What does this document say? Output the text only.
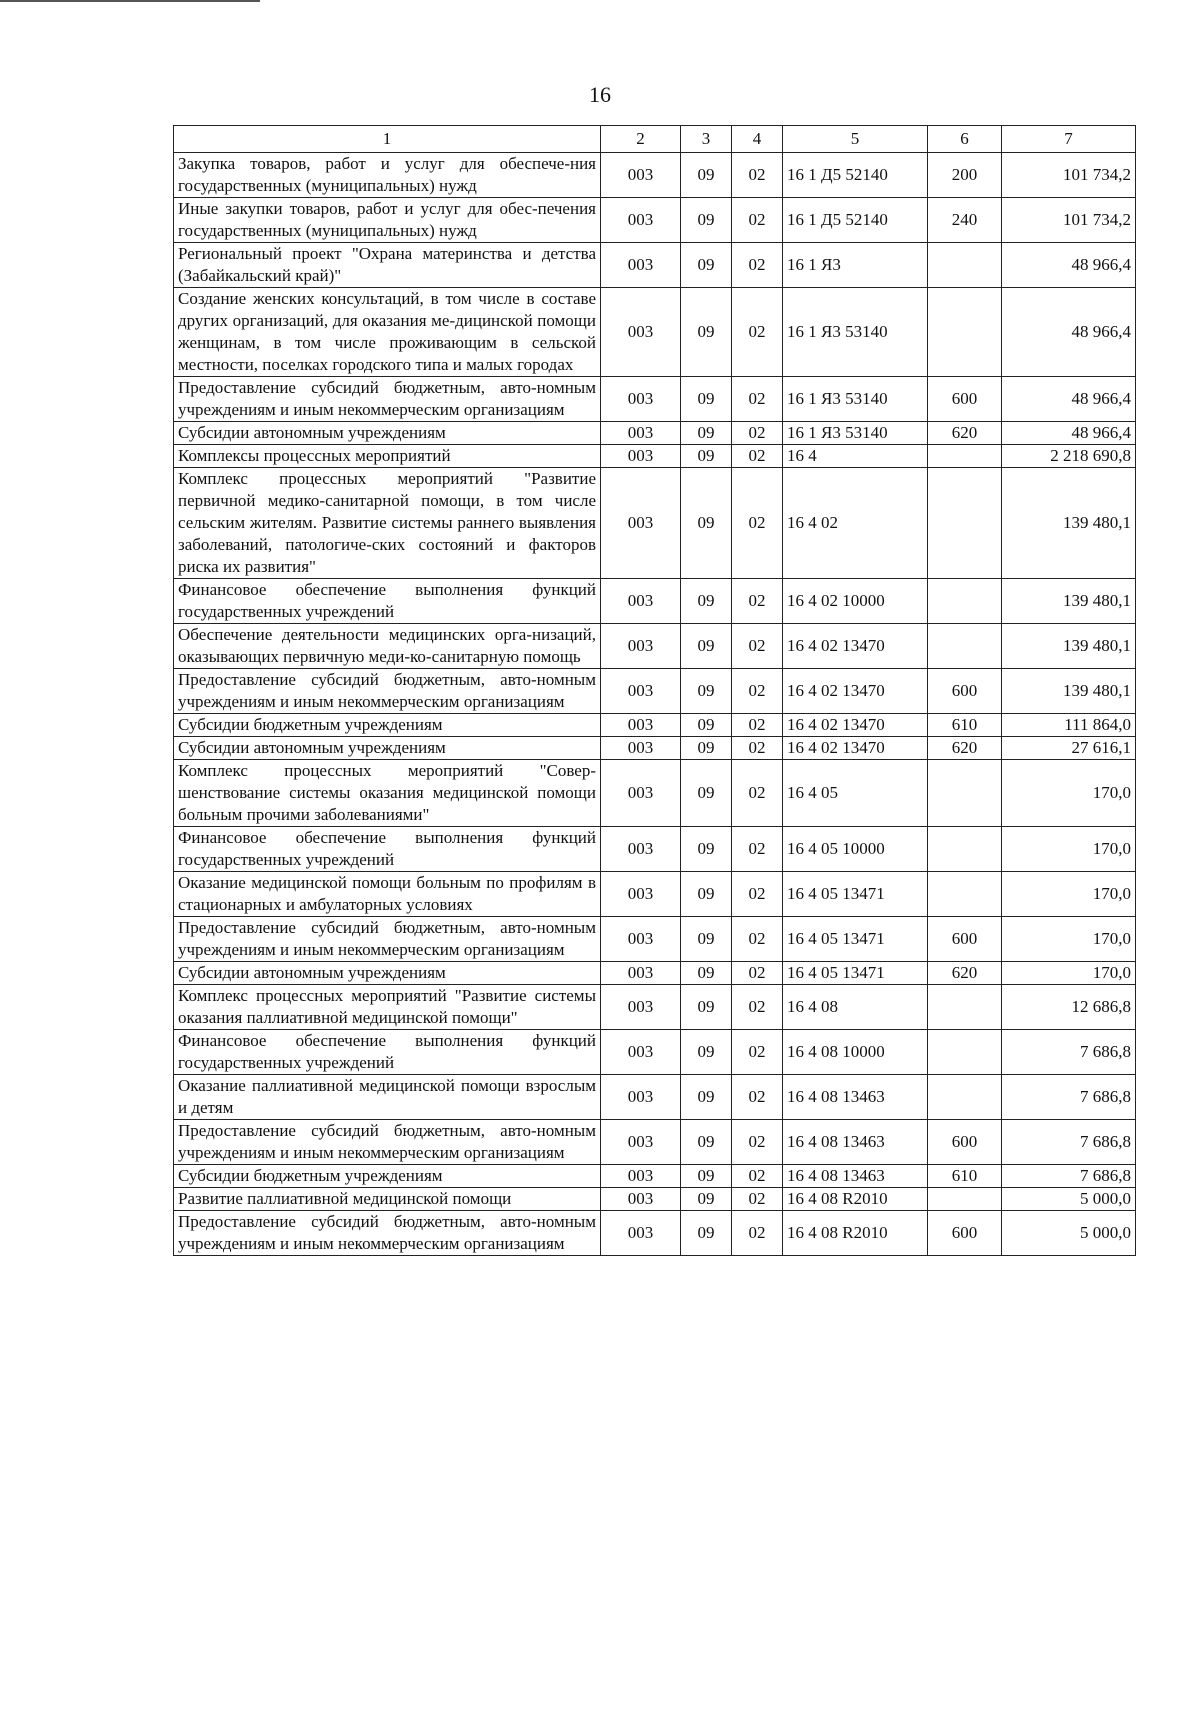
16
1	2	3	4	5	6	7
Закупка товаров, работ и услуг для обеспече-ния государственных (муниципальных) нужд	003	09	02	16 1 Д5 52140	200	101 734,2
Иные закупки товаров, работ и услуг для обес-печения государственных (муниципальных) нужд	003	09	02	16 1 Д5 52140	240	101 734,2
Региональный проект "Охрана материнства и детства (Забайкальский край)"	003	09	02	16 1 Я3		48 966,4
Создание женских консультаций, в том числе в составе других организаций, для оказания ме-дицинской помощи женщинам, в том числе проживающим в сельской местности, поселках городского типа и малых городах	003	09	02	16 1 Я3 53140		48 966,4
Предоставление субсидий бюджетным, авто-номным учреждениям и иным некоммерческим организациям	003	09	02	16 1 Я3 53140	600	48 966,4
Субсидии автономным учреждениям	003	09	02	16 1 Я3 53140	620	48 966,4
Комплексы процессных мероприятий	003	09	02	16 4		2 218 690,8
Комплекс процессных мероприятий "Развитие первичной медико-санитарной помощи, в том числе сельским жителям. Развитие системы раннего выявления заболеваний, патологиче-ских состояний и факторов риска их развития"	003	09	02	16 4 02		139 480,1
Финансовое обеспечение выполнения функций государственных учреждений	003	09	02	16 4 02 10000		139 480,1
Обеспечение деятельности медицинских орга-низаций, оказывающих первичную меди-ко-санитарную помощь	003	09	02	16 4 02 13470		139 480,1
Предоставление субсидий бюджетным, авто-номным учреждениям и иным некоммерческим организациям	003	09	02	16 4 02 13470	600	139 480,1
Субсидии бюджетным учреждениям	003	09	02	16 4 02 13470	610	111 864,0
Субсидии автономным учреждениям	003	09	02	16 4 02 13470	620	27 616,1
Комплекс процессных мероприятий "Совер-шенствование системы оказания медицинской помощи больным прочими заболеваниями"	003	09	02	16 4 05		170,0
Финансовое обеспечение выполнения функций государственных учреждений	003	09	02	16 4 05 10000		170,0
Оказание медицинской помощи больным по профилям в стационарных и амбулаторных условиях	003	09	02	16 4 05 13471		170,0
Предоставление субсидий бюджетным, авто-номным учреждениям и иным некоммерческим организациям	003	09	02	16 4 05 13471	600	170,0
Субсидии автономным учреждениям	003	09	02	16 4 05 13471	620	170,0
Комплекс процессных мероприятий "Развитие системы оказания паллиативной медицинской помощи"	003	09	02	16 4 08		12 686,8
Финансовое обеспечение выполнения функций государственных учреждений	003	09	02	16 4 08 10000		7 686,8
Оказание паллиативной медицинской помощи взрослым и детям	003	09	02	16 4 08 13463		7 686,8
Предоставление субсидий бюджетным, авто-номным учреждениям и иным некоммерческим организациям	003	09	02	16 4 08 13463	600	7 686,8
Субсидии бюджетным учреждениям	003	09	02	16 4 08 13463	610	7 686,8
Развитие паллиативной медицинской помощи	003	09	02	16 4 08 R2010		5 000,0
Предоставление субсидий бюджетным, авто-номным учреждениям и иным некоммерческим организациям	003	09	02	16 4 08 R2010	600	5 000,0
